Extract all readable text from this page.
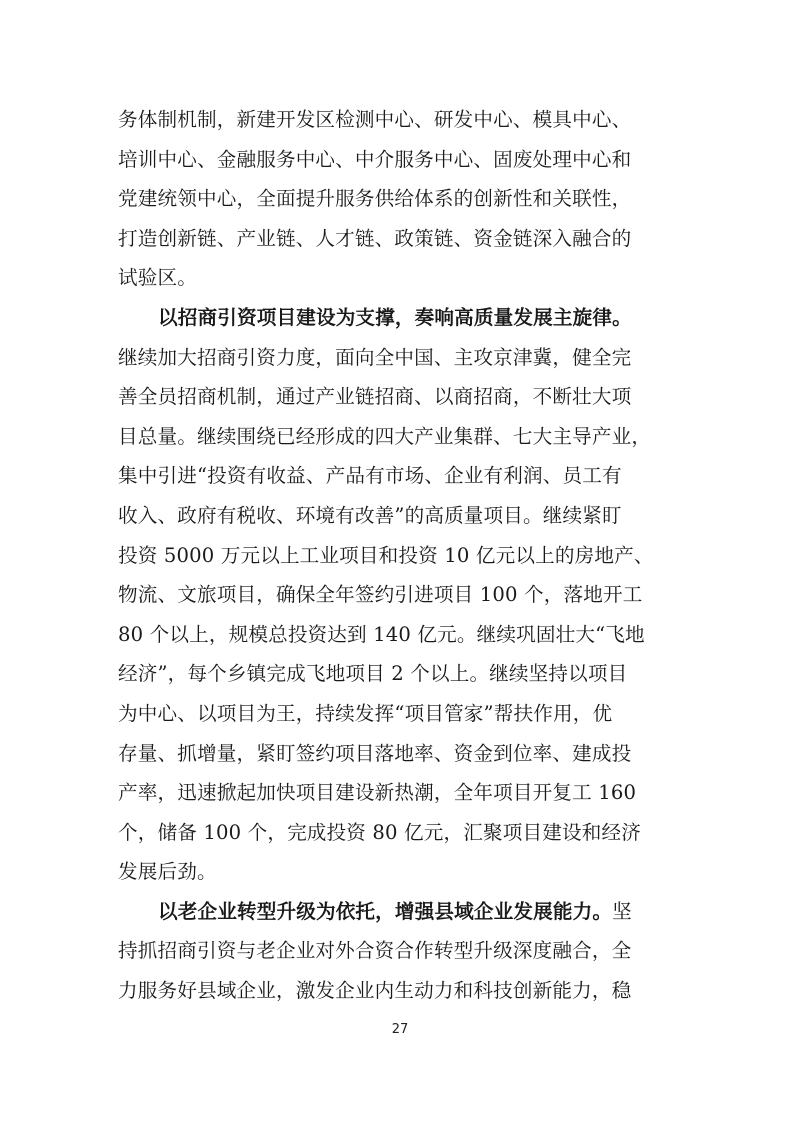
务体制机制，新建开发区检测中心、研发中心、模具中心、
培训中心、金融服务中心、中介服务中心、固废处理中心和
党建统领中心，全面提升服务供给体系的创新性和关联性，
打造创新链、产业链、人才链、政策链、资金链深入融合的
试验区。
以招商引资项目建设为支撑，奏响高质量发展主旋律。
继续加大招商引资力度，面向全中国、主攻京津冀，健全完
善全员招商机制，通过产业链招商、以商招商，不断壮大项
目总量。继续围绕已经形成的四大产业集群、七大主导产业，
集中引进“投资有收益、产品有市场、企业有利润、员工有
收入、政府有税收、环境有改善”的高质量项目。继续紧盯
投资 5000 万元以上工业项目和投资 10 亿元以上的房地产、
物流、文旅项目，确保全年签约引进项目 100 个，落地开工
80 个以上，规模总投资达到 140 亿元。继续巩固壮大“飞地
经济”，每个乡镇完成飞地项目 2 个以上。继续坚持以项目
为中心、以项目为王，持续发挥“项目管家”帮扶作用，优
存量、抓增量，紧盯签约项目落地率、资金到位率、建成投
产率，迅速掀起加快项目建设新热潮，全年项目开复工 160
个，储备 100 个，完成投资 80 亿元，汇聚项目建设和经济
发展后劲。
以老企业转型升级为依托，增强县域企业发展能力。坚
持抓招商引资与老企业对外合资合作转型升级深度融合，全
力服务好县域企业，激发企业内生动力和科技创新能力，稳
27
